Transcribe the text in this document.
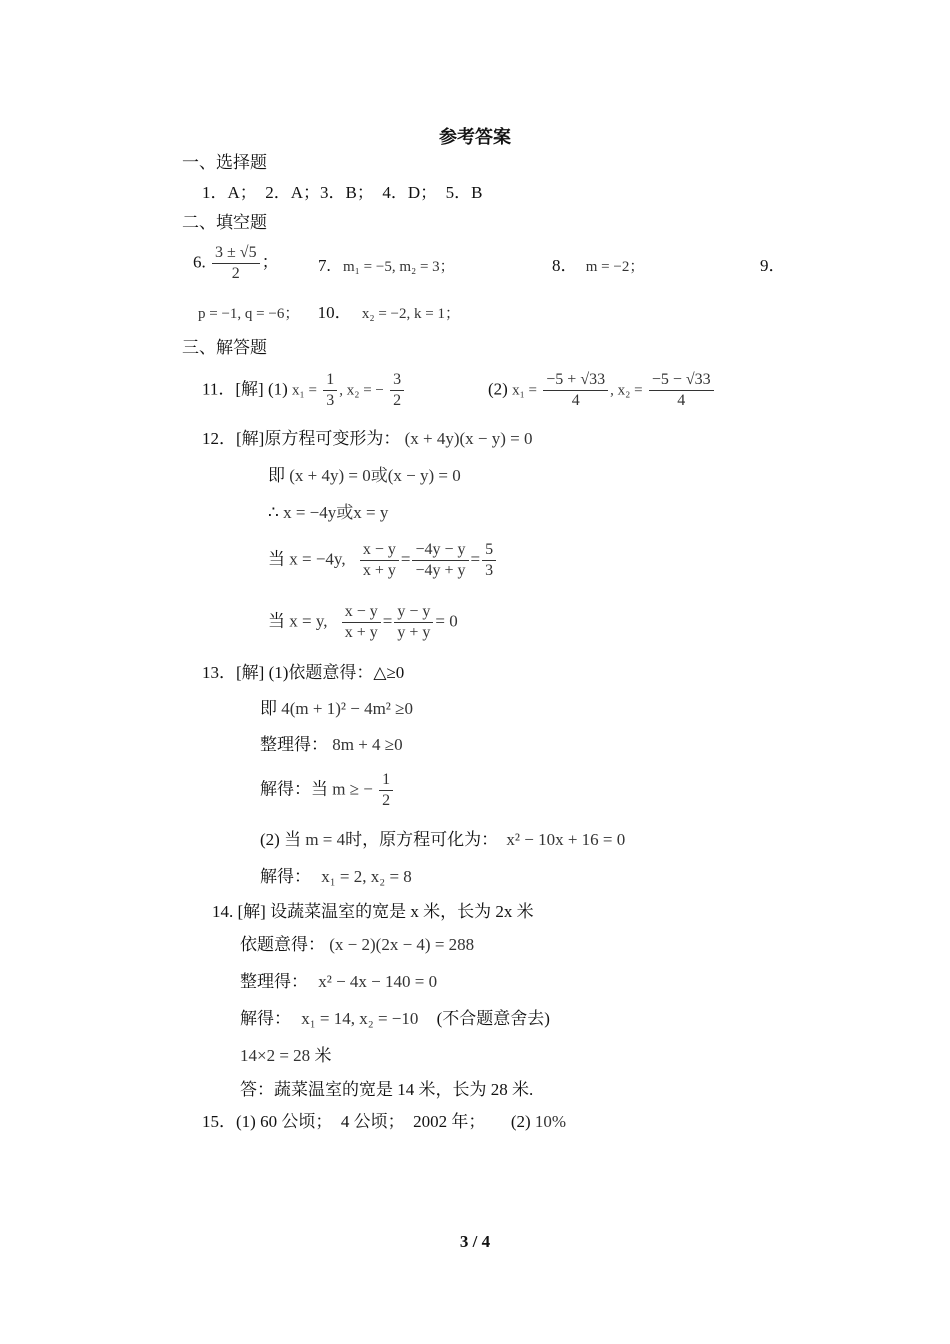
参考答案
一、选择题
1．A；　2．A；3．B；　4．D；　5．B
二、填空题
6. $\frac{3 \pm √5}{2}$ ； 7. m₁ = −5, m₂ = 3；	8． m = −2；	9．
p = −1, q = −6； 10． x₂ = −2, k = 1；
三、解答题
11．[解] (1) $x_1 = \frac{1}{3}$ , x₂ = − $\frac{3}{2}$	(2) $x_1 = \frac{-5 + √33}{4}$ , $x_2 = \frac{-5 - √33}{4}$
12．[解]原方程可变形为： (x + 4y)(x − y) = 0
即 (x + 4y) = 0或(x − y) = 0
∴ x = −4y或x = y
当 x = −4y, $\frac{x - y}{x + y} = \frac{-4y - y}{-4y + y} = \frac{5}{3}$
当 x = y, $\frac{x - y}{x + y} = \frac{y - y}{y + y} = 0$
13．[解] (1)依题意得：△≥0
即 4(m + 1)² − 4m² ≥0
整理得： 8m + 4 ≥0
解得：当 m ≥ − $\frac{1}{2}$
(2) 当 m = 4时，原方程可化为： x² − 10x + 16 = 0
解得： x₁ = 2, x₂ = 8
14. [解] 设蔬菜温室的宽是 x 米，长为 2x 米
依题意得： (x − 2)(2x − 4) = 288
整理得： x² − 4x − 140 = 0
解得： x₁ = 14, x₂ = −10 (不合题意舍去)
14×2 = 28 米
答：蔬菜温室的宽是 14 米，长为 28 米.
15．(1) 60 公顷；　4 公顷；　2002 年；　　(2) 10%
3 / 4
